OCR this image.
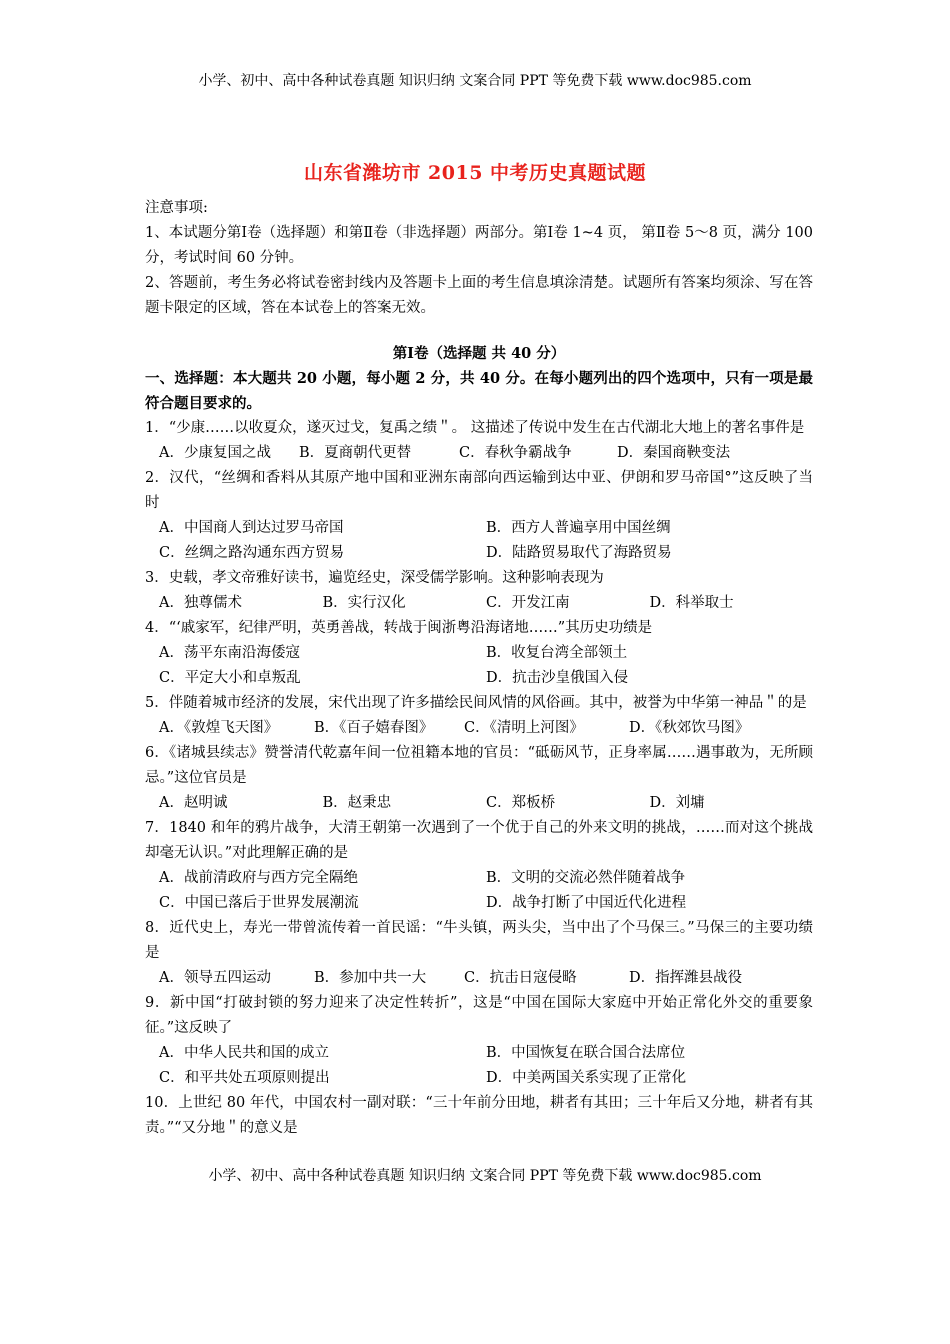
小学、初中、高中各种试卷真题 知识归纳 文案合同 PPT 等免费下载 www.doc985.com
山东省潍坊市 2015 中考历史真题试题
注意事项:
1、本试题分第Ⅰ卷（选择题）和第Ⅱ卷（非选择题）两部分。第Ⅰ卷 1~4 页， 第Ⅱ卷 5～8 页，满分 100 分，考试时间 60 分钟。
2、答题前，考生务必将试卷密封线内及答题卡上面的考生信息填涂清楚。试题所有答案均须涂、写在答题卡限定的区域，答在本试卷上的答案无效。
第Ⅰ卷（选择题 共 40 分）
一、选择题：本大题共 20 小题，每小题 2 分，共 40 分。在每小题列出的四个选项中，只有一项是最符合题目要求的。
1．“少康……以收夏众，遂灭过戈，复禹之绩＂。 这描述了传说中发生在古代湖北大地上的著名事件是
A．少康复国之战	B．夏商朝代更替	C．春秋争霸战争	D．秦国商鞅变法
2．汉代，“丝绸和香料从其原产地中国和亚洲东南部向西运输到达中亚、伊朗和罗马帝国°”这反映了当时
A．中国商人到达过罗马帝国	B．西方人普遍享用中国丝绸
C．丝绸之路沟通东西方贸易	D．陆路贸易取代了海路贸易
3．史载，孝文帝雅好读书，遍览经史，深受儒学影响。这种影响表现为
A．独尊儒术	B．实行汉化	C．开发江南	D．科举取士
4．“‘戚家军，纪律严明，英勇善战，转战于闽浙粤沿海诸地……”其历史功绩是
A．荡平东南沿海倭寇	B．收复台湾全部领土
C．平定大小和卓叛乱	D．抗击沙皇俄国入侵
5．伴随着城市经济的发展，宋代出现了许多描绘民间风情的风俗画。其中，被誉为中华第一神品＂的是
A．《敦煌飞天图》	B．《百子嬉春图》	C．《清明上河图》	D．《秋郊饮马图》
6．《诸城县续志》赞誉清代乾嘉年间一位祖籍本地的官员：“砥砺风节，正身率属……遇事敢为，无所顾忌。”这位官员是
A．赵明诚	B．赵秉忠	C．郑板桥	D．刘墉
7．1840 和年的鸦片战争，大清王朝第一次遇到了一个优于自己的外来文明的挑战，……而对这个挑战却毫无认识。”对此理解正确的是
A．战前清政府与西方完全隔绝	B．文明的交流必然伴随着战争
C．中国已落后于世界发展潮流	D．战争打断了中国近代化进程
8．近代史上，寿光一带曾流传着一首民谣：“牛头镇，两头尖，当中出了个马保三。”马保三的主要功绩是
A．领导五四运动	B．参加中共一大	C．抗击日寇侵略	D．指挥潍县战役
9．新中国“打破封锁的努力迎来了决定性转折”，这是“中国在国际大家庭中开始正常化外交的重要象征。”这反映了
A．中华人民共和国的成立	B．中国恢复在联合国合法席位
C．和平共处五项原则提出	D．中美两国关系实现了正常化
10．上世纪 80 年代，中国农村一副对联：“三十年前分田地，耕者有其田；三十年后又分地，耕者有其责。”“又分地＂的意义是
小学、初中、高中各种试卷真题 知识归纳 文案合同 PPT 等免费下载 www.doc985.com
